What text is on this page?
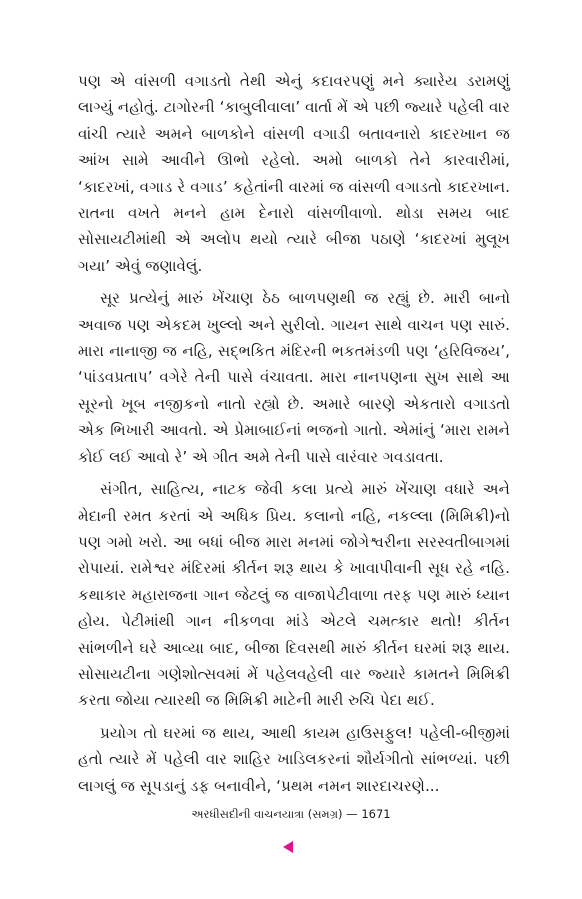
પણ એ વાંસળી વગાડતો તેથી એનું કદાવરપણું મને ક્યારેય ડરામણું લાગ્યું નહોતું. ટાગોરની ‘કાબુલીવાલા’ વાર્તા મેં એ પછી જ્યારે પહેલી વાર વાંચી ત્યારે અમને બાળકોને વાંસળી વગાડી બતાવનારો કાદરખાન જ આંખ સામે આવીને ઊભો રહેલો. અમો બાળકો તેને કારવારીમાં, ‘કાદરખાં, વગાડ રે વગાડ’ કહેતાંની વારમાં જ વાંસળી વગાડતો કાદરખાન. રાતના વખતે મનને હામ દેનારો વાંસળીવાળો. થોડા સમય બાદ સોસાયટીમાંથી એ અલોપ થયો ત્યારે બીજા પઠાણે ‘કાદરખાં મુલૂખ ગયા’ એવું જણાવેલું.

સૂર પ્રત્યેનું મારું ખેંચાણ ઠેઠ બાળપણથી જ રહ્યું છે. મારી બાનો અવાજ પણ એકદમ ખુલ્લો અને સુરીલો. ગાયન સાથે વાચન પણ સારું. મારા નાનાજી જ નહિ, સદ્ભકિત મંદિરની ભકતમંડળી પણ ‘હરિવિજય’, ‘પાંડવપ્રતાપ’ વગેરે તેની પાસે વંચાવતા. મારા નાનપણના સુખ સાથે આ સૂરનો ખૂબ નજીકનો નાતો રહ્યો છે. અમારે બારણે એકતારો વગાડતો એક ભિખારી આવતો. એ પ્રેમાબાઈનાં ભજનો ગાતો. એમાંનું ‘મારા રામને કોઈ લઈ આવો રે’ એ ગીત અમે તેની પાસે વારંવાર ગવડાવતા.

સંગીત, સાહિત્ય, નાટક જેવી કલા પ્રત્યે મારું ખેંચાણ વધારે અને મેદાની રમત કરતાં એ અધિક પ્રિય. કલાનો નહિ, નકલ્લા (મિમિક્રી)નો પણ ગમો ખરો. આ બધાં બીજ મારા મનમાં જોગેશ્વરીના સરસ્વતીબાગમાં રોપાયાં. રામેશ્વર મંદિરમાં કીર્તન શરૂ થાય કે ખાવાપીવાની સૂધ રહે નહિ. કથાકાર મહારાજના ગાન જેટલું જ વાજાપેટીવાળા તરફ પણ મારું ધ્યાન હોય. પેટીમાંથી ગાન નીકળવા માંડે એટલે ચમત્કાર થતો! કીર્તન સાંભળીને ઘરે આવ્યા બાદ, બીજા દિવસથી મારું કીર્તન ઘરમાં શરૂ થાય. સોસાયટીના ગણેશોત્સવમાં મેં પહેલવહેલી વાર જ્યારે કામતને મિમિક્રી કરતા જોયા ત્યારથી જ મિમિક્રી માટેની મારી રુચિ પેદા થઈ.

પ્રયોગ તો ઘરમાં જ થાય, આથી કાયમ હાઉસફુલ! પહેલી-બીજીમાં હતો ત્યારે મેં પહેલી વાર શાહિર ખાડિલકરનાં શૌર્યગીતો સાંભળ્યાં. પછી લાગલું જ સૂપડાનું ડફ બનાવીને, ‘પ્રથમ નમન શારદાચરણે...

અરધીસદીની વાચનયાત્રા (સમગ્ર) — 1671
